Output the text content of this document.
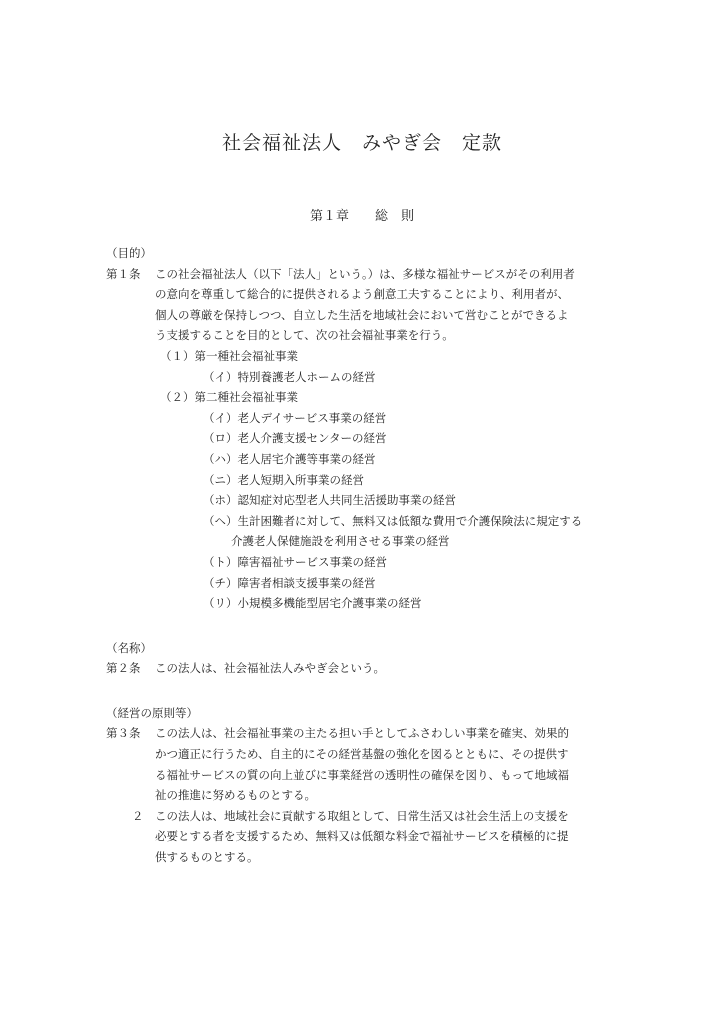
社会福祉法人　みやぎ会　定款
第１章　　総　則
（目的）
第１条 この社会福祉法人（以下「法人」という。）は、多様な福祉サービスがその利用者
の意向を尊重して総合的に提供されるよう創意工夫することにより、利用者が、
個人の尊厳を保持しつつ、自立した生活を地域社会において営むことができるよ
う支援することを目的として、次の社会福祉事業を行う。
（１）第一種社会福祉事業
（イ）特別養護老人ホームの経営
（２）第二種社会福祉事業
（イ）老人デイサービス事業の経営
（ロ）老人介護支援センターの経営
（ハ）老人居宅介護等事業の経営
（ニ）老人短期入所事業の経営
（ホ）認知症対応型老人共同生活援助事業の経営
（ヘ）生計困難者に対して、無料又は低額な費用で介護保険法に規定する
介護老人保健施設を利用させる事業の経営
（ト）障害福祉サービス事業の経営
（チ）障害者相談支援事業の経営
（リ）小規模多機能型居宅介護事業の経営
（名称）
第２条 この法人は、社会福祉法人みやぎ会という。
（経営の原則等）
第３条 この法人は、社会福祉事業の主たる担い手としてふさわしい事業を確実、効果的
かつ適正に行うため、自主的にその経営基盤の強化を図るとともに、その提供す
る福祉サービスの質の向上並びに事業経営の透明性の確保を図り、もって地域福
祉の推進に努めるものとする。
２ この法人は、地域社会に貢献する取組として、日常生活又は社会生活上の支援を
必要とする者を支援するため、無料又は低額な料金で福祉サービスを積極的に提
供するものとする。
